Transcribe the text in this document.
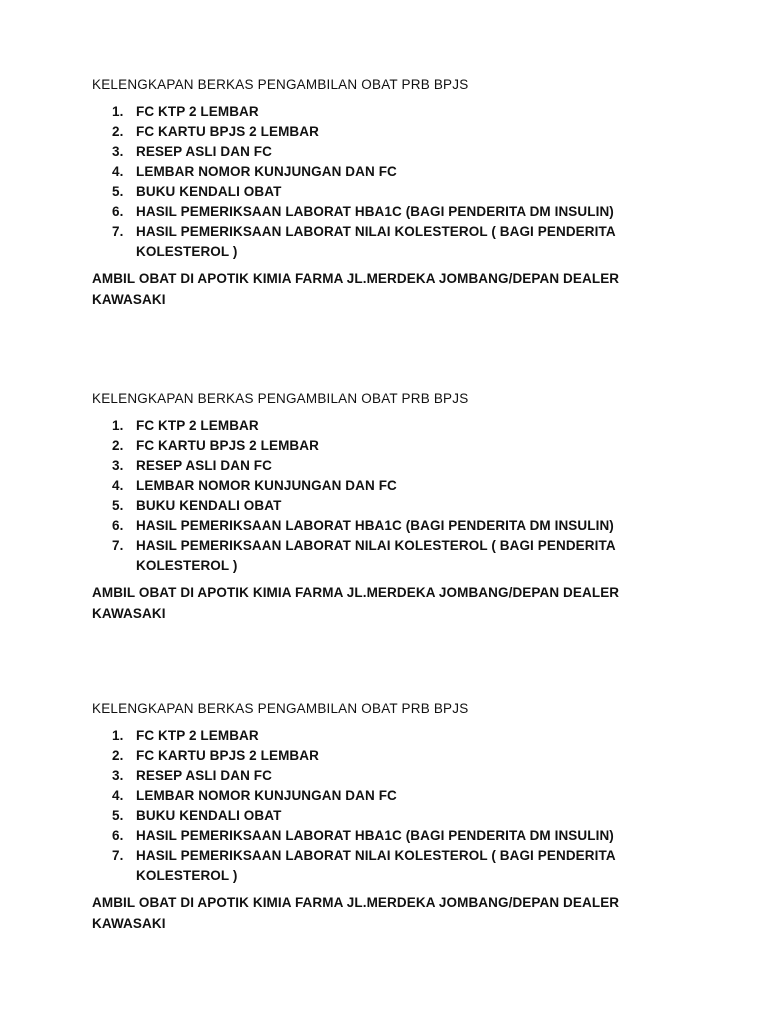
KELENGKAPAN BERKAS PENGAMBILAN OBAT PRB BPJS
1. FC KTP 2 LEMBAR
2. FC KARTU BPJS 2 LEMBAR
3. RESEP ASLI DAN FC
4. LEMBAR NOMOR KUNJUNGAN DAN FC
5. BUKU KENDALI OBAT
6. HASIL PEMERIKSAAN LABORAT HBA1C (BAGI PENDERITA DM INSULIN)
7. HASIL PEMERIKSAAN LABORAT NILAI KOLESTEROL ( BAGI PENDERITA KOLESTEROL )

AMBIL OBAT DI APOTIK KIMIA FARMA JL.MERDEKA JOMBANG/DEPAN DEALER KAWASAKI

KELENGKAPAN BERKAS PENGAMBILAN OBAT PRB BPJS
1. FC KTP 2 LEMBAR
2. FC KARTU BPJS 2 LEMBAR
3. RESEP ASLI DAN FC
4. LEMBAR NOMOR KUNJUNGAN DAN FC
5. BUKU KENDALI OBAT
6. HASIL PEMERIKSAAN LABORAT HBA1C (BAGI PENDERITA DM INSULIN)
7. HASIL PEMERIKSAAN LABORAT NILAI KOLESTEROL ( BAGI PENDERITA KOLESTEROL )

AMBIL OBAT DI APOTIK KIMIA FARMA JL.MERDEKA JOMBANG/DEPAN DEALER KAWASAKI

KELENGKAPAN BERKAS PENGAMBILAN OBAT PRB BPJS
1. FC KTP 2 LEMBAR
2. FC KARTU BPJS 2 LEMBAR
3. RESEP ASLI DAN FC
4. LEMBAR NOMOR KUNJUNGAN DAN FC
5. BUKU KENDALI OBAT
6. HASIL PEMERIKSAAN LABORAT HBA1C (BAGI PENDERITA DM INSULIN)
7. HASIL PEMERIKSAAN LABORAT NILAI KOLESTEROL ( BAGI PENDERITA KOLESTEROL )

AMBIL OBAT DI APOTIK KIMIA FARMA JL.MERDEKA JOMBANG/DEPAN DEALER KAWASAKI
